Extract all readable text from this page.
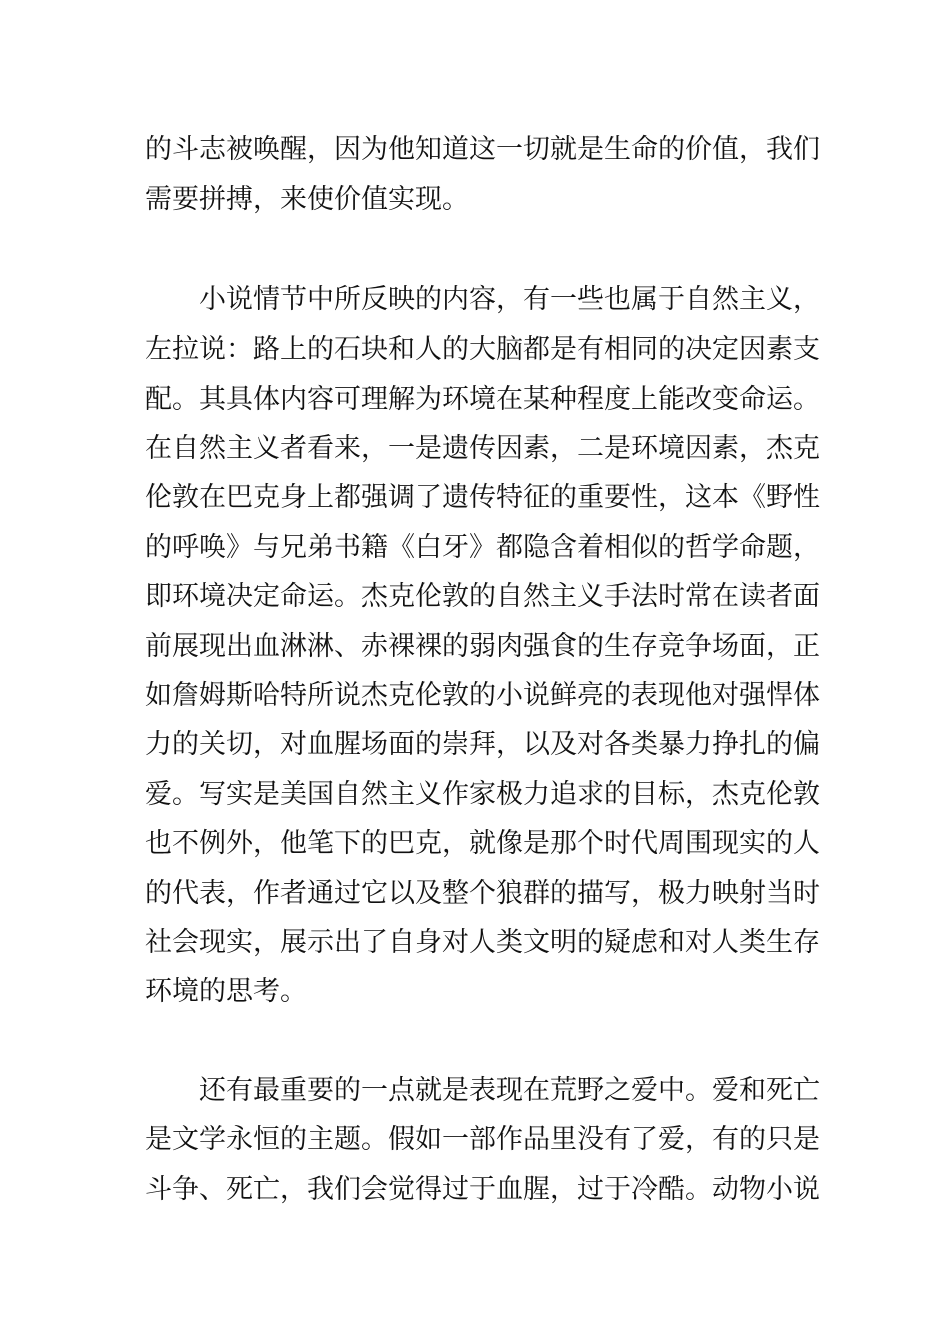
的斗志被唤醒，因为他知道这一切就是生命的价值，我们

需要拼搏，来使价值实现。

小说情节中所反映的内容，有一些也属于自然主义，

左拉说：路上的石块和人的大脑都是有相同的决定因素支

配。其具体内容可理解为环境在某种程度上能改变命运。

在自然主义者看来，一是遗传因素，二是环境因素，杰克

伦敦在巴克身上都强调了遗传特征的重要性，这本《野性

的呼唤》与兄弟书籍《白牙》都隐含着相似的哲学命题，

即环境决定命运。杰克伦敦的自然主义手法时常在读者面

前展现出血淋淋、赤裸裸的弱肉强食的生存竞争场面，正

如詹姆斯哈特所说杰克伦敦的小说鲜亮的表现他对强悍体

力的关切，对血腥场面的崇拜，以及对各类暴力挣扎的偏

爱。写实是美国自然主义作家极力追求的目标，杰克伦敦

也不例外，他笔下的巴克，就像是那个时代周围现实的人

的代表，作者通过它以及整个狼群的描写，极力映射当时

社会现实，展示出了自身对人类文明的疑虑和对人类生存

环境的思考。

还有最重要的一点就是表现在荒野之爱中。爱和死亡

是文学永恒的主题。假如一部作品里没有了爱，有的只是

斗争、死亡，我们会觉得过于血腥，过于冷酷。动物小说
